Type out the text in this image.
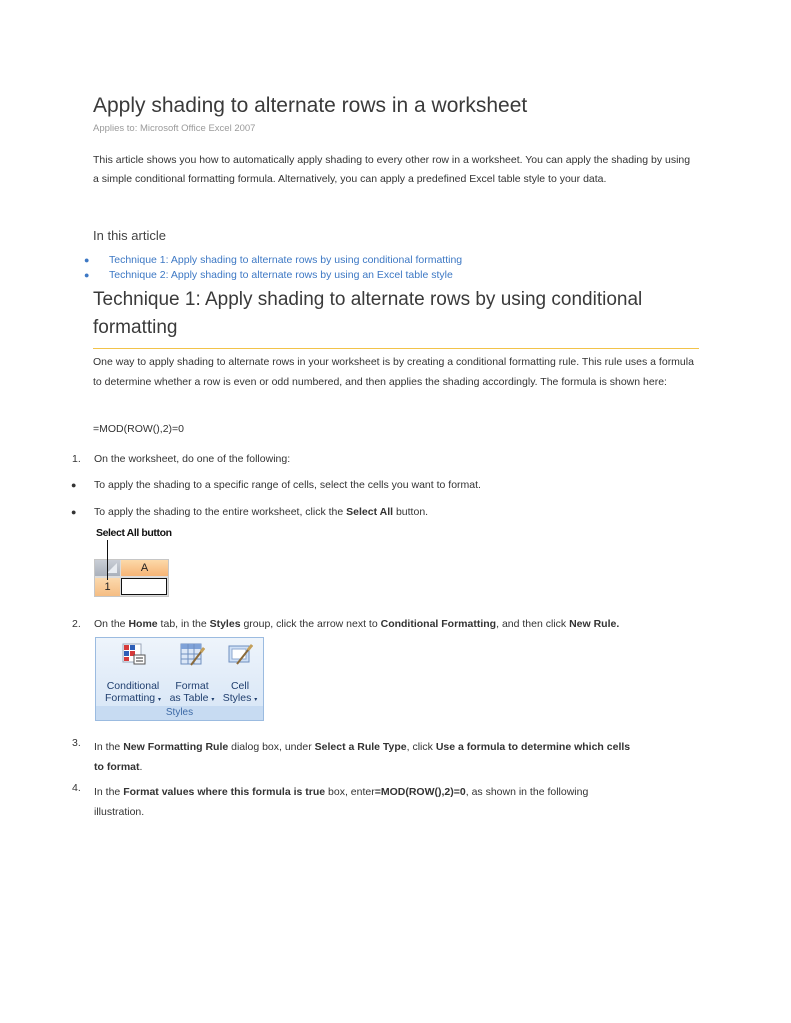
Apply shading to alternate rows in a worksheet
Applies to: Microsoft Office Excel 2007
This article shows you how to automatically apply shading to every other row in a worksheet. You can apply the shading by using a simple conditional formatting formula. Alternatively, you can apply a predefined Excel table style to your data.
In this article
●	Technique 1: Apply shading to alternate rows by using conditional formatting
●	Technique 2: Apply shading to alternate rows by using an Excel table style
Technique 1: Apply shading to alternate rows by using conditional formatting
One way to apply shading to alternate rows in your worksheet is by creating a conditional formatting rule. This rule uses a formula to determine whether a row is even or odd numbered, and then applies the shading accordingly. The formula is shown here:
=MOD(ROW(),2)=0
1. On the worksheet, do one of the following:
● To apply the shading to a specific range of cells, select the cells you want to format.
● To apply the shading to the entire worksheet, click the Select All button.
Select All button
A
1
2. On the Home tab, in the Styles group, click the arrow next to Conditional Formatting, and then click New Rule.
Conditional
Formatting ▾
Format
as Table ▾
Cell
Styles ▾
Styles
3. In the New Formatting Rule dialog box, under Select a Rule Type, click Use a formula to determine which cells
to format.
4. In the Format values where this formula is true box, enter=MOD(ROW(),2)=0, as shown in the following
illustration.
